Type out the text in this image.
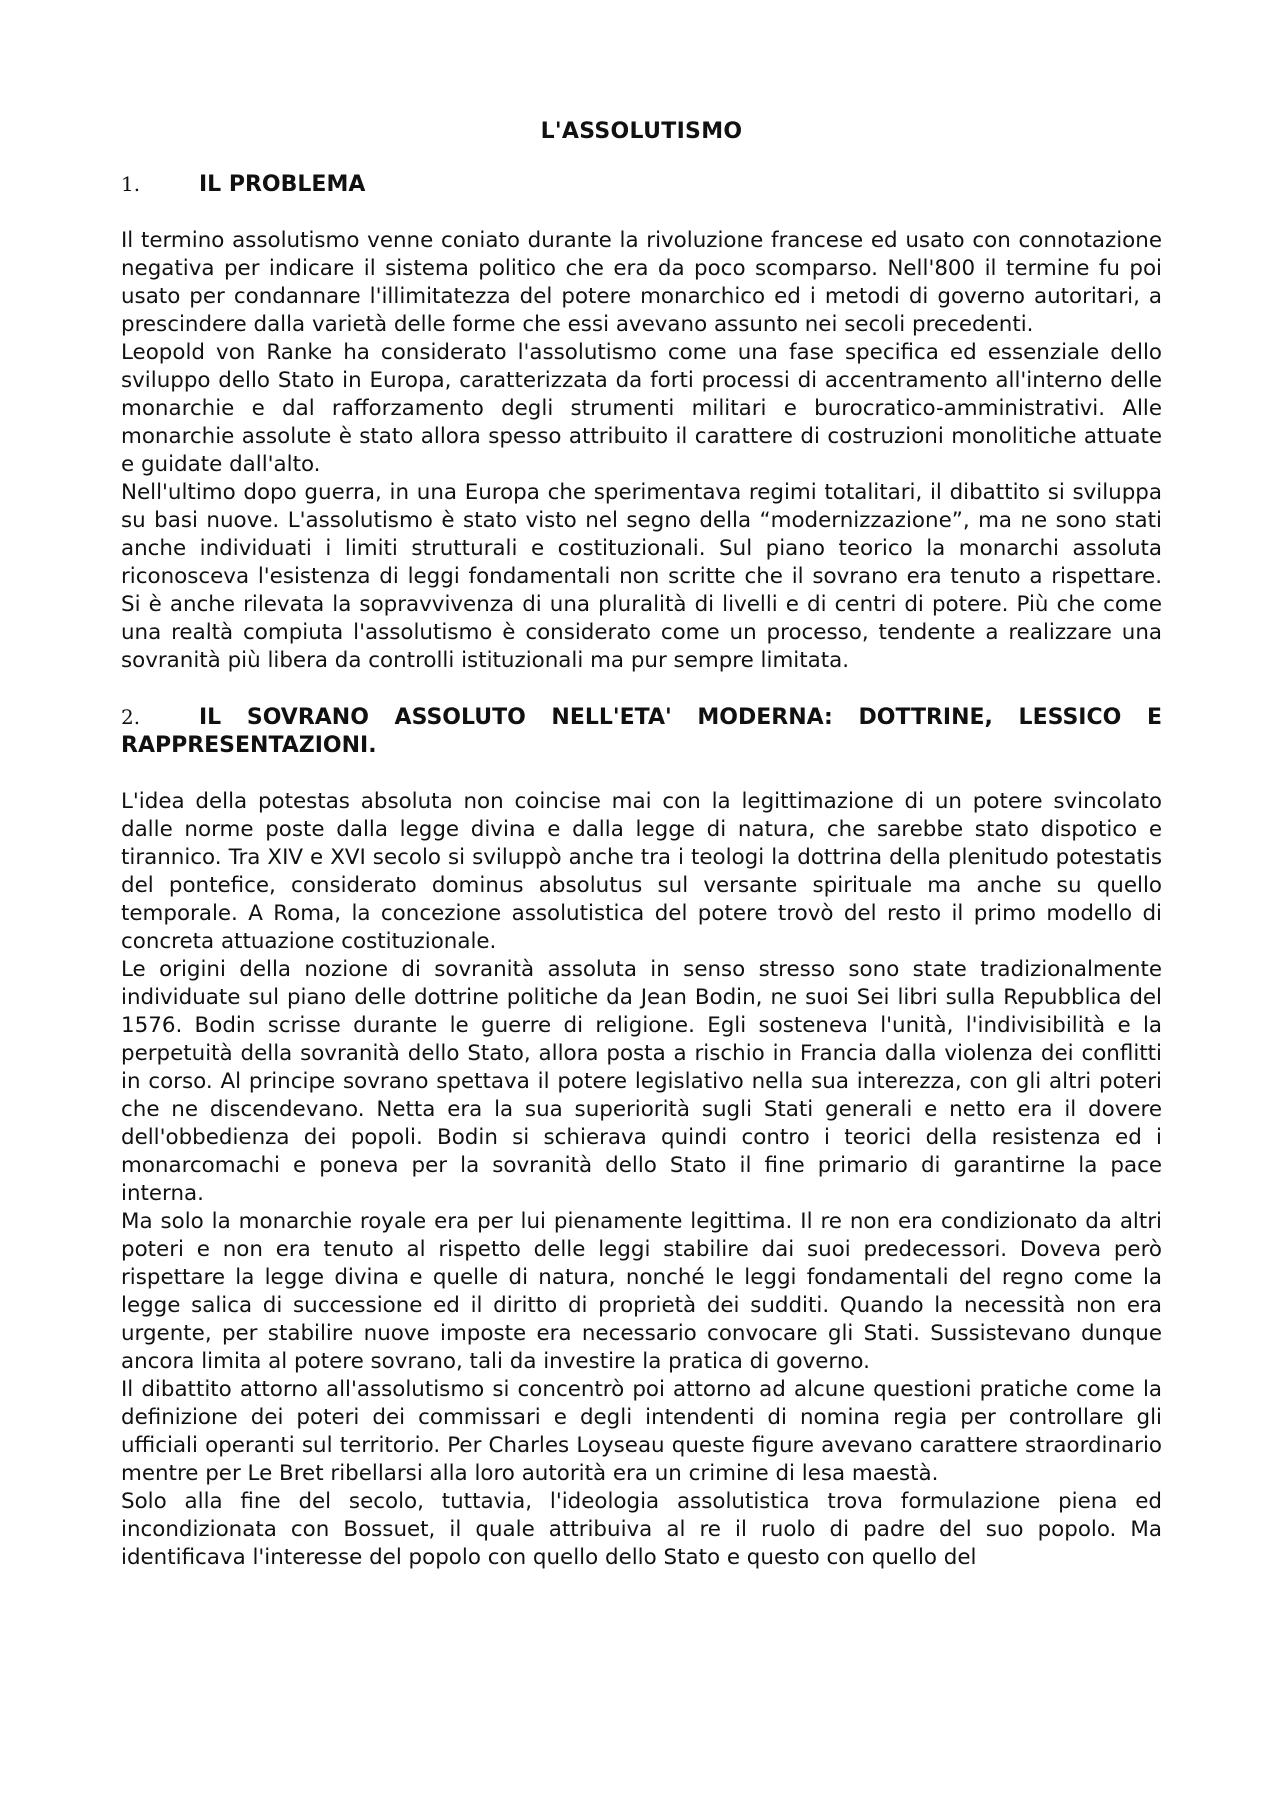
L'ASSOLUTISMO
1.	IL PROBLEMA

Il termino assolutismo venne coniato durante la rivoluzione francese ed usato con connotazione negativa per indicare il sistema politico che era da poco scomparso. Nell'800 il termine fu poi usato per condannare l'illimitatezza del potere monarchico ed i metodi di governo autoritari, a prescindere dalla varietà delle forme che essi avevano assunto nei secoli precedenti.

Leopold von Ranke ha considerato l'assolutismo come una fase specifica ed essenziale dello sviluppo dello Stato in Europa, caratterizzata da forti processi di accentramento all'interno delle monarchie e dal rafforzamento degli strumenti militari e burocratico-amministrativi. Alle monarchie assolute è stato allora spesso attribuito il carattere di costruzioni monolitiche attuate e guidate dall'alto.

Nell'ultimo dopo guerra, in una Europa che sperimentava regimi totalitari, il dibattito si sviluppa su basi nuove. L'assolutismo è stato visto nel segno della “modernizzazione”, ma ne sono stati anche individuati i limiti strutturali e costituzionali. Sul piano teorico la monarchi assoluta riconosceva l'esistenza di leggi fondamentali non scritte che il sovrano era tenuto a rispettare. Si è anche rilevata la sopravvivenza di una pluralità di livelli e di centri di potere. Più che come una realtà compiuta l'assolutismo è considerato come un processo, tendente a realizzare una sovranità più libera da controlli istituzionali ma pur sempre limitata.

2.	IL SOVRANO ASSOLUTO NELL'ETA' MODERNA: DOTTRINE, LESSICO E RAPPRESENTAZIONI.

L'idea della potestas absoluta non coincise mai con la legittimazione di un potere svincolato dalle norme poste dalla legge divina e dalla legge di natura, che sarebbe stato dispotico e tirannico. Tra XIV e XVI secolo si sviluppò anche tra i teologi la dottrina della plenitudo potestatis del pontefice, considerato dominus absolutus sul versante spirituale ma anche su quello temporale. A Roma, la concezione assolutistica del potere trovò del resto il primo modello di concreta attuazione costituzionale.

Le origini della nozione di sovranità assoluta in senso stresso sono state tradizionalmente individuate sul piano delle dottrine politiche da Jean Bodin, ne suoi Sei libri sulla Repubblica del 1576. Bodin scrisse durante le guerre di religione. Egli sosteneva l'unità, l'indivisibilità e la perpetuità della sovranità dello Stato, allora posta a rischio in Francia dalla violenza dei conflitti in corso. Al principe sovrano spettava il potere legislativo nella sua interezza, con gli altri poteri che ne discendevano. Netta era la sua superiorità sugli Stati generali e netto era il dovere dell'obbedienza dei popoli. Bodin si schierava quindi contro i teorici della resistenza ed i monarcomachi e poneva per la sovranità dello Stato il fine primario di garantirne la pace interna.

Ma solo la monarchie royale era per lui pienamente legittima. Il re non era condizionato da altri poteri e non era tenuto al rispetto delle leggi stabilire dai suoi predecessori. Doveva però rispettare la legge divina e quelle di natura, nonché le leggi fondamentali del regno come la legge salica di successione ed il diritto di proprietà dei sudditi. Quando la necessità non era urgente, per stabilire nuove imposte era necessario convocare gli Stati. Sussistevano dunque ancora limita al potere sovrano, tali da investire la pratica di governo.

Il dibattito attorno all'assolutismo si concentrò poi attorno ad alcune questioni pratiche come la definizione dei poteri dei commissari e degli intendenti di nomina regia per controllare gli ufficiali operanti sul territorio. Per Charles Loyseau queste figure avevano carattere straordinario mentre per Le Bret ribellarsi alla loro autorità era un crimine di lesa maestà.

Solo alla fine del secolo, tuttavia, l'ideologia assolutistica trova formulazione piena ed incondizionata con Bossuet, il quale attribuiva al re il ruolo di padre del suo popolo. Ma identificava l'interesse del popolo con quello dello Stato e questo con quello del
